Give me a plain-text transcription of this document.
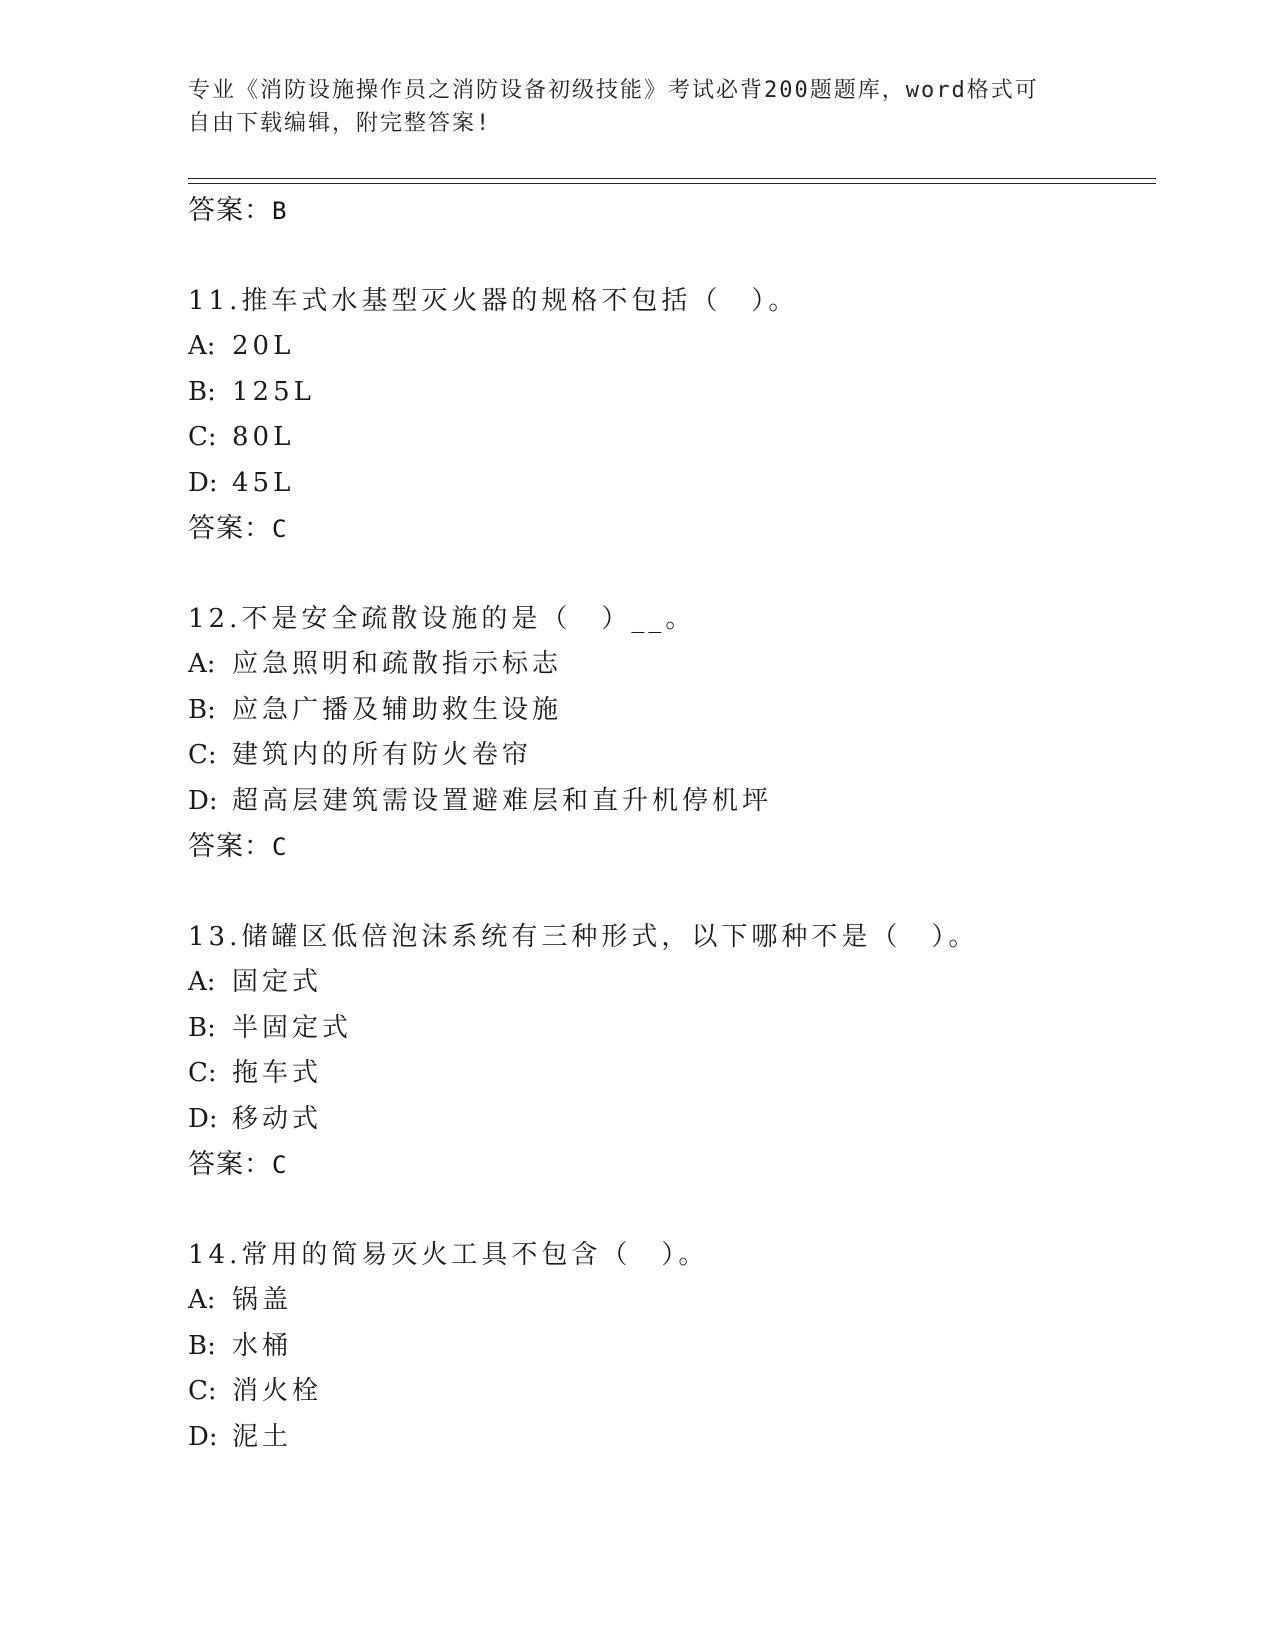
专业《消防设施操作员之消防设备初级技能》考试必背200题题库，word格式可
自由下载编辑，附完整答案!
答案：B
11.推车式水基型灭火器的规格不包括（　）。
A: 20L
B: 125L
C: 80L
D: 45L
答案：C
12.不是安全疏散设施的是（　）__。
A: 应急照明和疏散指示标志
B: 应急广播及辅助救生设施
C: 建筑内的所有防火卷帘
D: 超高层建筑需设置避难层和直升机停机坪
答案：C
13.储罐区低倍泡沫系统有三种形式，以下哪种不是（　）。
A: 固定式
B: 半固定式
C: 拖车式
D: 移动式
答案：C
14.常用的简易灭火工具不包含（　）。
A: 锅盖
B: 水桶
C: 消火栓
D: 泥土
